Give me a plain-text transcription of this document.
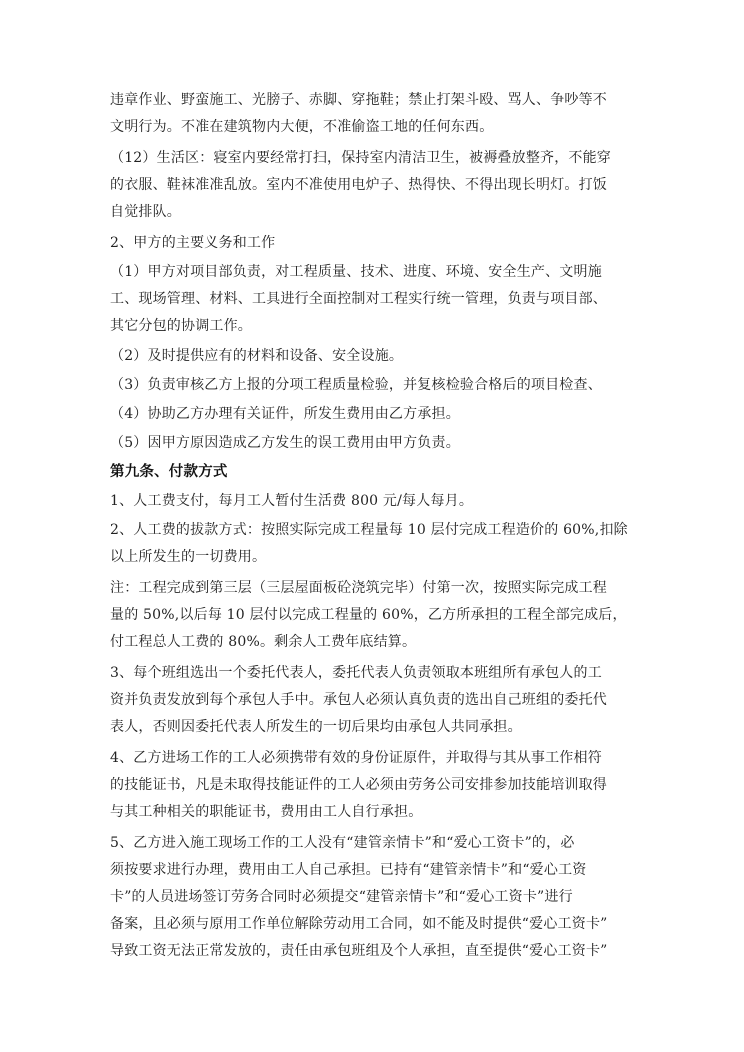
违章作业、野蛮施工、光膀子、赤脚、穿拖鞋；禁止打架斗殴、骂人、争吵等不
文明行为。不准在建筑物内大便，不准偷盗工地的任何东西。
（12）生活区：寝室内要经常打扫，保持室内清洁卫生，被褥叠放整齐，不能穿
的衣服、鞋袜准准乱放。室内不准使用电炉子、热得快、不得出现长明灯。打饭
自觉排队。
2、甲方的主要义务和工作
（1）甲方对项目部负责，对工程质量、技术、进度、环境、安全生产、文明施
工、现场管理、材料、工具进行全面控制对工程实行统一管理，负责与项目部、
其它分包的协调工作。
（2）及时提供应有的材料和设备、安全设施。
（3）负责审核乙方上报的分项工程质量检验，并复核检验合格后的项目检查、
（4）协助乙方办理有关证件，所发生费用由乙方承担。
（5）因甲方原因造成乙方发生的误工费用由甲方负责。
第九条、付款方式
1、人工费支付，每月工人暂付生活费 800 元/每人每月。
2、人工费的拔款方式：按照实际完成工程量每 10 层付完成工程造价的 60%,扣除
以上所发生的一切费用。
注：工程完成到第三层（三层屋面板砼浇筑完毕）付第一次，按照实际完成工程
量的 50%,以后每 10 层付以完成工程量的 60%，乙方所承担的工程全部完成后，
付工程总人工费的 80%。剩余人工费年底结算。
3、每个班组选出一个委托代表人，委托代表人负责领取本班组所有承包人的工
资并负责发放到每个承包人手中。承包人必须认真负责的选出自己班组的委托代
表人，否则因委托代表人所发生的一切后果均由承包人共同承担。
4、乙方进场工作的工人必须携带有效的身份证原件，并取得与其从事工作相符
的技能证书，凡是未取得技能证件的工人必须由劳务公司安排参加技能培训取得
与其工种相关的职能证书，费用由工人自行承担。
5、乙方进入施工现场工作的工人没有“建管亲情卡”和“爱心工资卡”的，必
须按要求进行办理，费用由工人自己承担。已持有“建管亲情卡”和“爱心工资
卡”的人员进场签订劳务合同时必须提交“建管亲情卡”和“爱心工资卡”进行
备案，且必须与原用工作单位解除劳动用工合同，如不能及时提供“爱心工资卡”
导致工资无法正常发放的，责任由承包班组及个人承担，直至提供“爱心工资卡”
